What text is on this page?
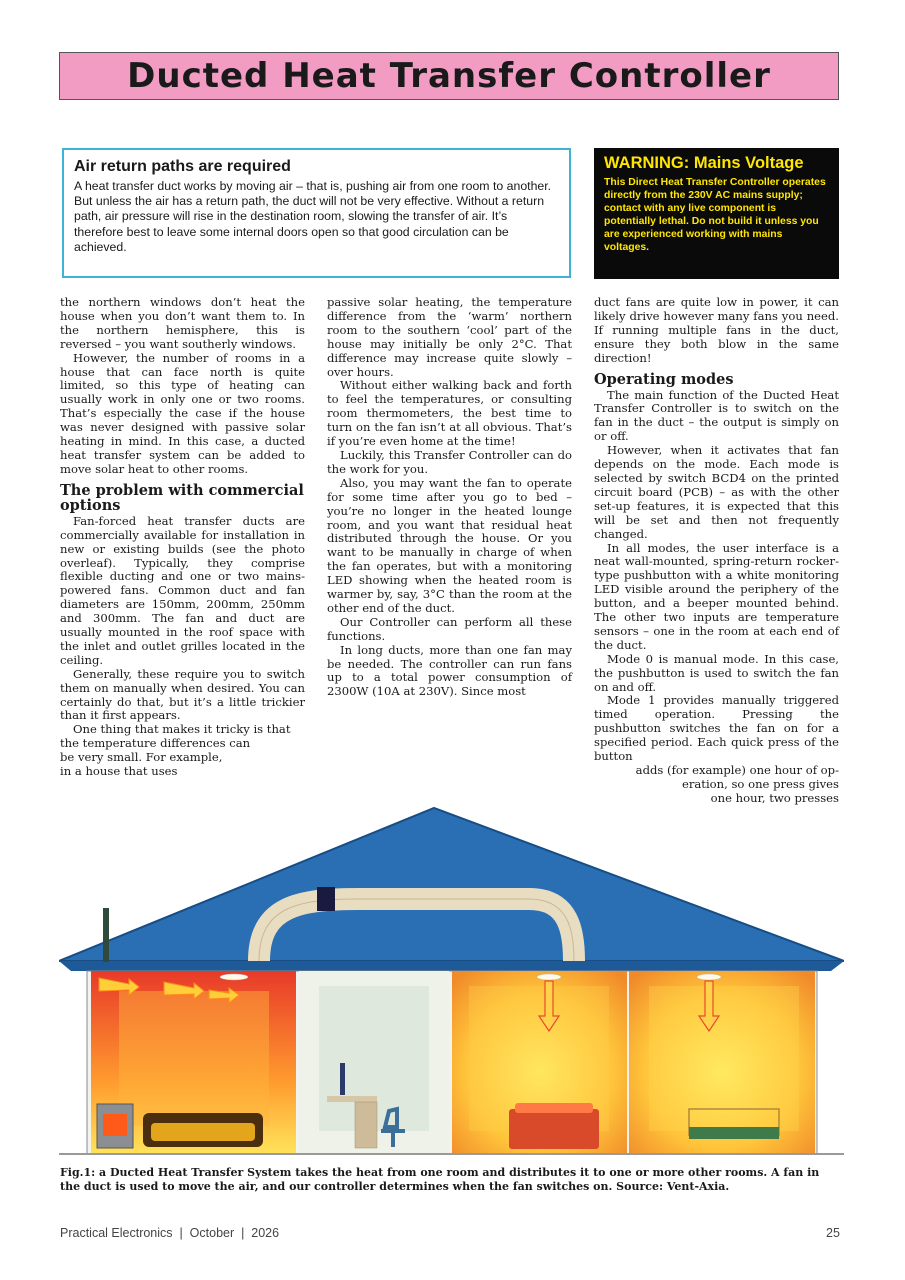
Ducted Heat Transfer Controller
Air return paths are required

A heat transfer duct works by moving air – that is, pushing air from one room to another. But unless the air has a return path, the duct will not be very effective. Without a return path, air pressure will rise in the destination room, slowing the transfer of air. It’s therefore best to leave some internal doors open so that good circulation can be achieved.

WARNING: Mains Voltage

This Direct Heat Transfer Controller operates directly from the 230V AC mains supply; contact with any live component is potentially lethal. Do not build it unless you are experienced working with mains voltages.

the northern windows don’t heat the house when you don’t want them to. In the northern hemisphere, this is reversed – you want southerly windows.

However, the number of rooms in a house that can face north is quite limited, so this type of heating can usually work in only one or two rooms. That’s especially the case if the house was never designed with passive solar heating in mind. In this case, a ducted heat transfer system can be added to move solar heat to other rooms.

The problem with commercial options

Fan-forced heat transfer ducts are commercially available for installation in new or existing builds (see the photo overleaf). Typically, they comprise flexible ducting and one or two mains-powered fans. Common duct and fan diameters are 150mm, 200mm, 250mm and 300mm. The fan and duct are usually mounted in the roof space with the inlet and outlet grilles located in the ceiling.

Generally, these require you to switch them on manually when desired. You can certainly do that, but it’s a little trickier than it first appears.

One thing that makes it tricky is that

the temperature differences can

be very small. For example,

in a house that uses

passive solar heating, the temperature difference from the ‘warm’ northern room to the southern ‘cool’ part of the house may initially be only 2°C. That difference may increase quite slowly – over hours.

Without either walking back and forth to feel the temperatures, or consulting room thermometers, the best time to turn on the fan isn’t at all obvious. That’s if you’re even home at the time!

Luckily, this Transfer Controller can do the work for you.

Also, you may want the fan to operate for some time after you go to bed – you’re no longer in the heated lounge room, and you want that residual heat distributed through the house. Or you want to be manually in charge of when the fan operates, but with a monitoring LED showing when the heated room is warmer by, say, 3°C than the room at the other end of the duct.

Our Controller can perform all these functions.

In long ducts, more than one fan may be needed. The controller can run fans up to a total power consumption of 2300W (10A at 230V). Since most

duct fans are quite low in power, it can likely drive however many fans you need. If running multiple fans in the duct, ensure they both blow in the same direction!

Operating modes

The main function of the Ducted Heat Transfer Controller is to switch on the fan in the duct – the output is simply on or off.

However, when it activates that fan depends on the mode. Each mode is selected by switch BCD4 on the printed circuit board (PCB) – as with the other set-up features, it is expected that this will be set and then not frequently changed.

In all modes, the user interface is a neat wall-mounted, spring-return rocker-type pushbutton with a white monitoring LED visible around the periphery of the button, and a beeper mounted behind. The other two inputs are temperature sensors – one in the room at each end of the duct.

Mode 0 is manual mode. In this case, the pushbutton is used to switch the fan on and off.

Mode 1 provides manually triggered timed operation. Pressing the pushbutton switches the fan on for a specified period. Each quick press of the button

adds (for example) one hour of op-

eration, so one press gives

one hour, two presses

Fig.1: a Ducted Heat Transfer System takes the heat from one room and distributes it to one or more other rooms. A fan in the duct is used to move the air, and our controller determines when the fan switches on. Source: Vent-Axia.
Practical Electronics  |  October  |  2026	25
